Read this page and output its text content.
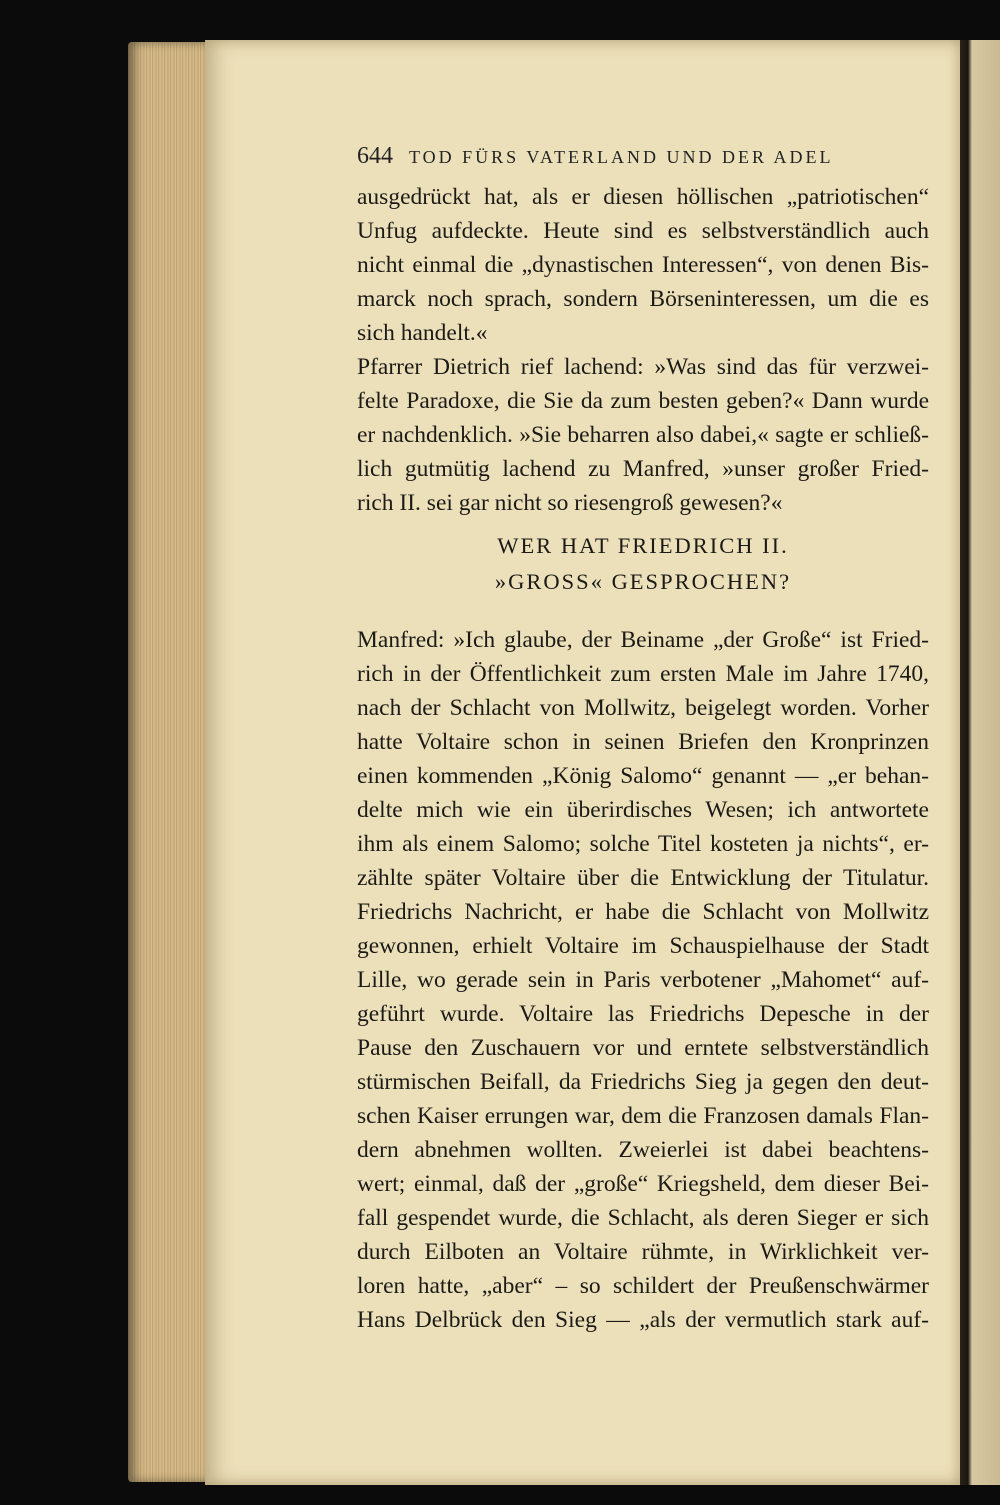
644 TOD FÜRS VATERLAND UND DER ADEL
ausgedrückt hat, als er diesen höllischen „patriotischen“
Unfug aufdeckte. Heute sind es selbstverständlich auch
nicht einmal die „dynastischen Interessen“, von denen Bis-
marck noch sprach, sondern Börseninteressen, um die es
sich handelt.«
Pfarrer Dietrich rief lachend: »Was sind das für verzwei-
felte Paradoxe, die Sie da zum besten geben?« Dann wurde
er nachdenklich. »Sie beharren also dabei,« sagte er schließ-
lich gutmütig lachend zu Manfred, »unser großer Fried-
rich II. sei gar nicht so riesengroß gewesen?«
WER HAT FRIEDRICH II.
»GROSS« GESPROCHEN?
Manfred: »Ich glaube, der Beiname „der Große“ ist Fried-
rich in der Öffentlichkeit zum ersten Male im Jahre 1740,
nach der Schlacht von Mollwitz, beigelegt worden. Vorher
hatte Voltaire schon in seinen Briefen den Kronprinzen
einen kommenden „König Salomo“ genannt — „er behan-
delte mich wie ein überirdisches Wesen; ich antwortete
ihm als einem Salomo; solche Titel kosteten ja nichts“, er-
zählte später Voltaire über die Entwicklung der Titulatur.
Friedrichs Nachricht, er habe die Schlacht von Mollwitz
gewonnen, erhielt Voltaire im Schauspielhause der Stadt
Lille, wo gerade sein in Paris verbotener „Mahomet“ auf-
geführt wurde. Voltaire las Friedrichs Depesche in der
Pause den Zuschauern vor und erntete selbstverständlich
stürmischen Beifall, da Friedrichs Sieg ja gegen den deut-
schen Kaiser errungen war, dem die Franzosen damals Flan-
dern abnehmen wollten. Zweierlei ist dabei beachtens-
wert; einmal, daß der „große“ Kriegsheld, dem dieser Bei-
fall gespendet wurde, die Schlacht, als deren Sieger er sich
durch Eilboten an Voltaire rühmte, in Wirklichkeit ver-
loren hatte, „aber“ – so schildert der Preußenschwärmer
Hans Delbrück den Sieg — „als der vermutlich stark auf-
